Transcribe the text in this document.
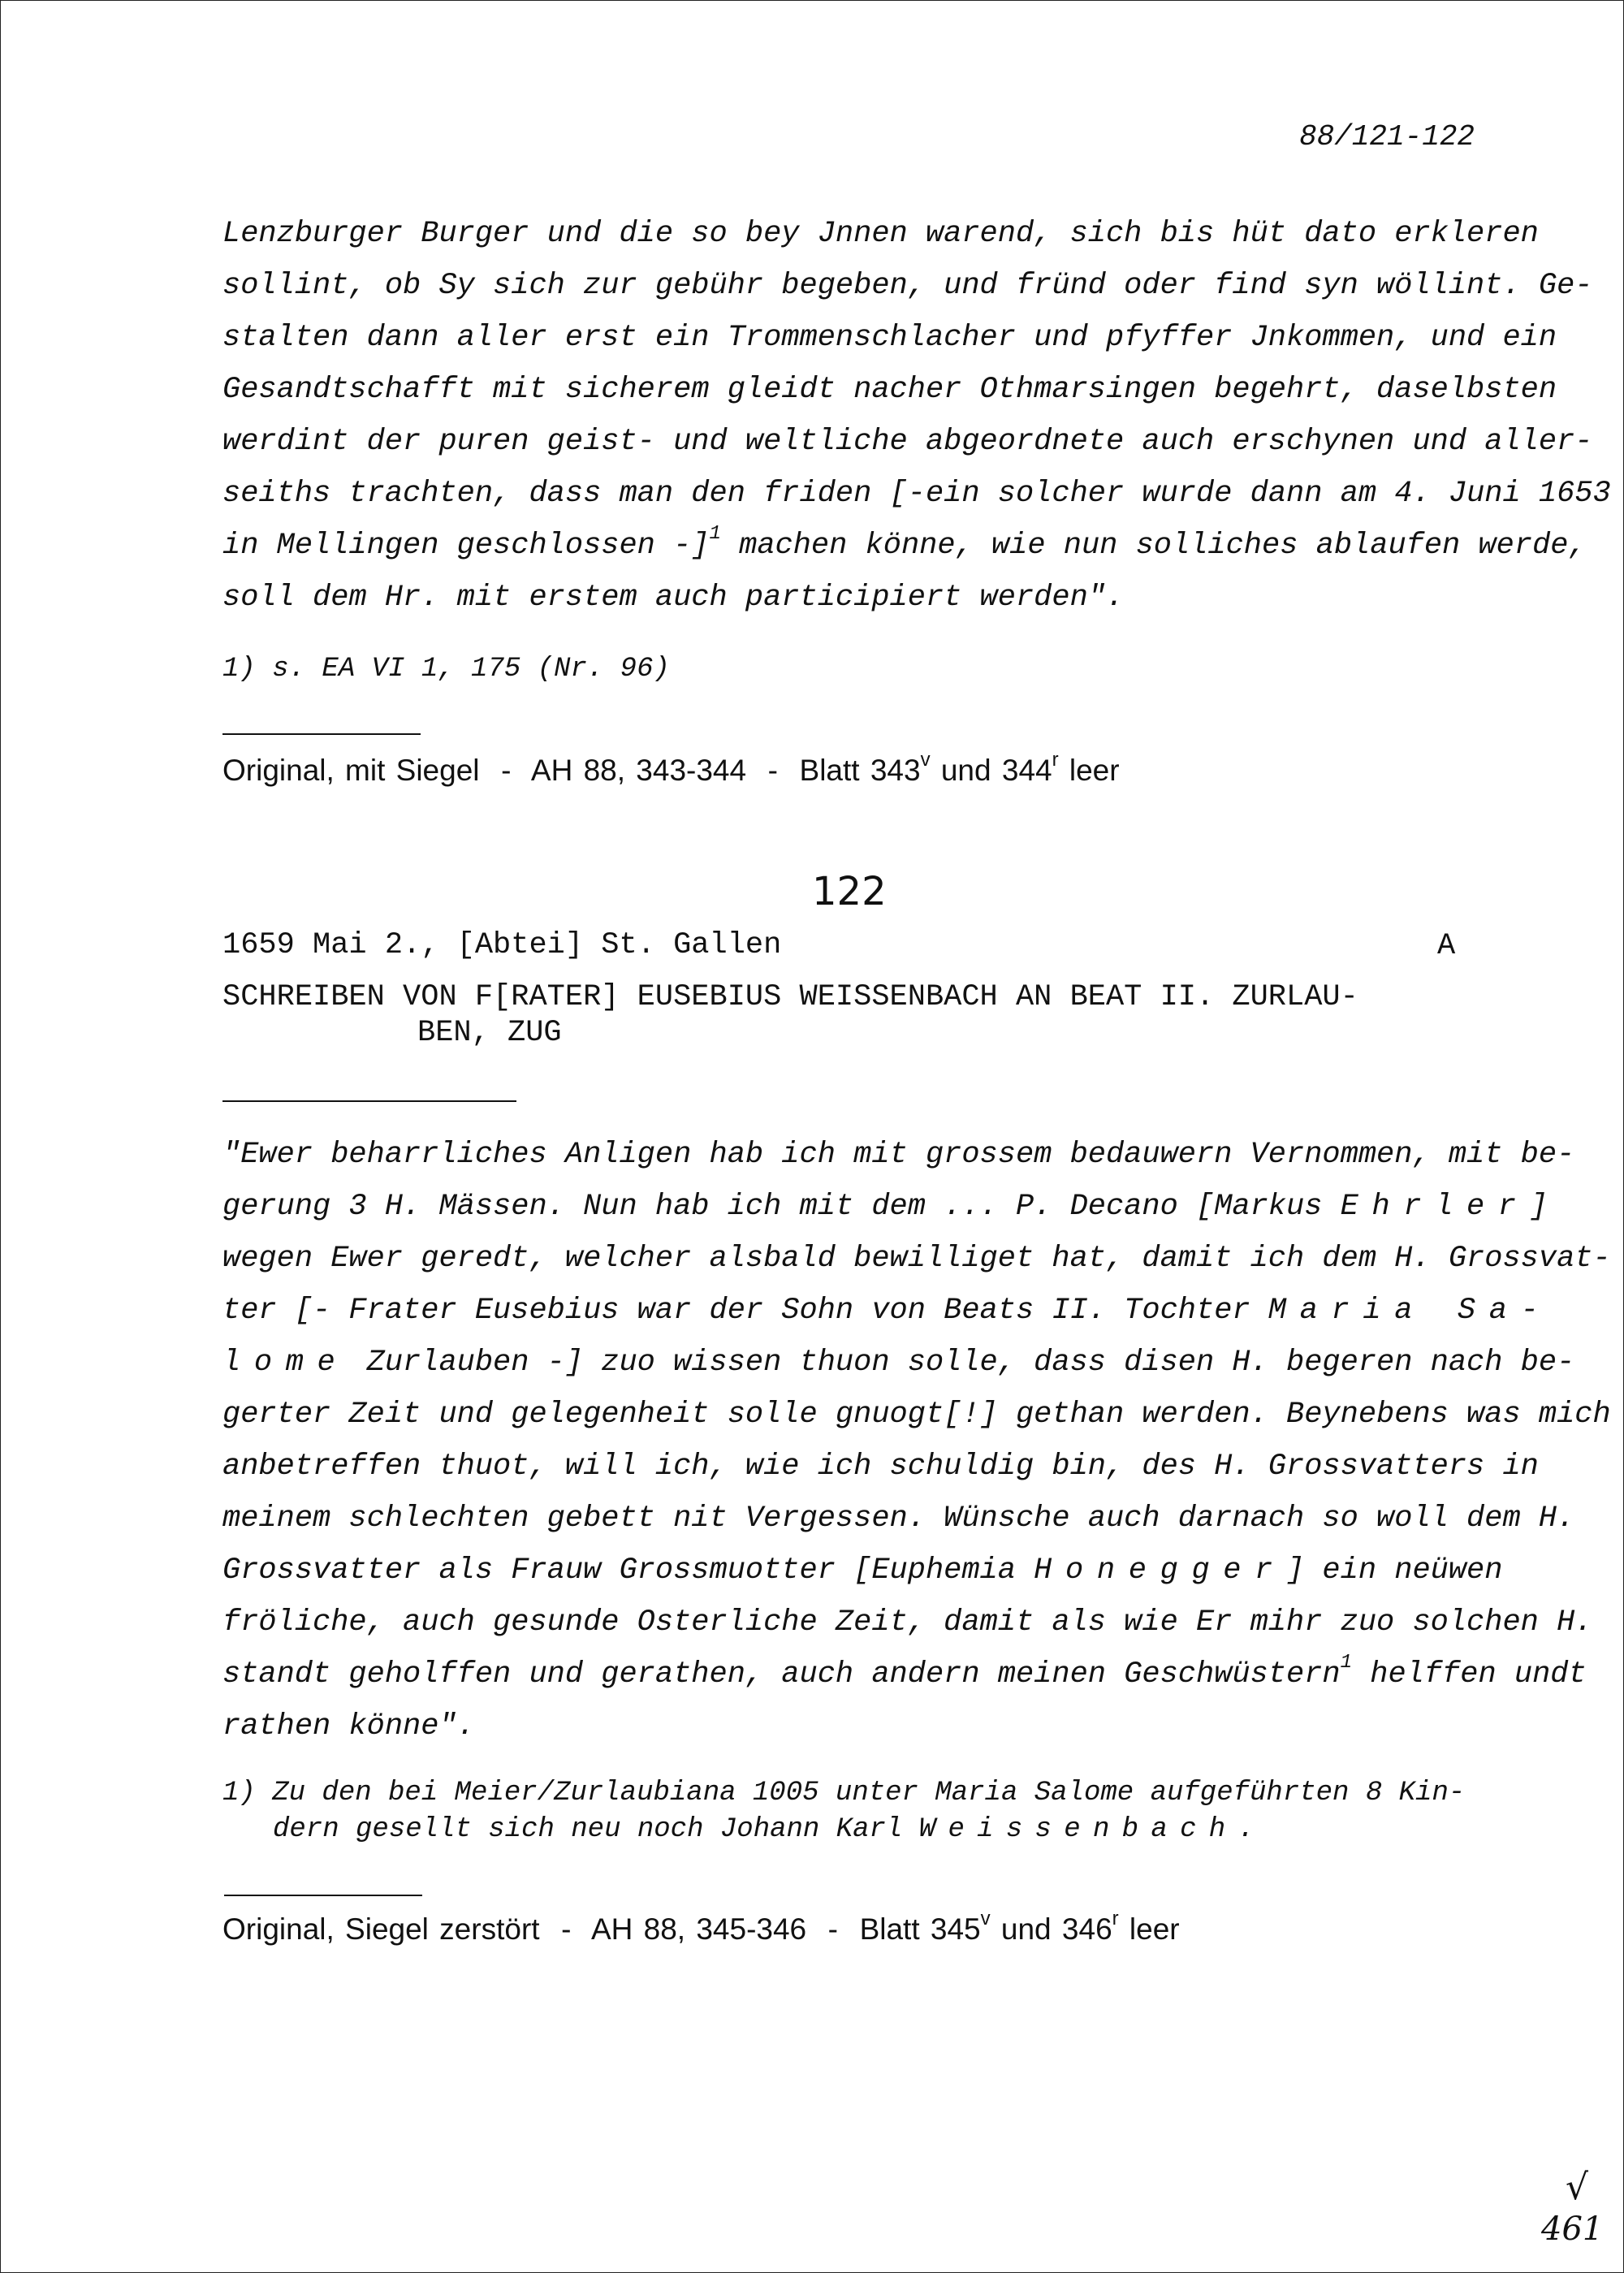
88/121-122
Lenzburger Burger und die so bey Jnnen warend, sich bis hüt dato erkleren
sollint, ob Sy sich zur gebühr begeben, und fründ oder find syn wöllint. Ge-
stalten dann aller erst ein Trommenschlacher und pfyffer Jnkommen, und ein
Gesandtschafft mit sicherem gleidt nacher Othmarsingen begehrt, daselbsten
werdint der puren geist- und weltliche abgeordnete auch erschynen und aller-
seiths trachten, dass man den friden [-ein solcher wurde dann am 4. Juni 1653
in Mellingen geschlossen -]$^1$ machen könne, wie nun solliches ablaufen werde,
soll dem Hr. mit erstem auch participiert werden".
1) s. EA VI 1, 175 (Nr. 96)
Original, mit Siegel  -  AH 88, 343-344  -  Blatt 343$^v$ und 344$^r$ leer
122
1659 Mai 2., [Abtei] St. Gallen	A
SCHREIBEN VON F[RATER] EUSEBIUS WEISSENBACH AN BEAT II. ZURLAU-
BEN, ZUG
"Ewer beharrliches Anligen hab ich mit grossem bedauwern Vernommen, mit be-
gerung 3 H. Mässen. Nun hab ich mit dem ... P. Decano [Markus Ehrler]
wegen Ewer geredt, welcher alsbald bewilliget hat, damit ich dem H. Grossvat-
ter [- Frater Eusebius war der Sohn von Beats II. Tochter Maria Sa-
lome Zurlauben -] zuo wissen thuon solle, dass disen H. begeren nach be-
gerter Zeit und gelegenheit solle gnuogt[!] gethan werden. Beynebens was mich
anbetreffen thuot, will ich, wie ich schuldig bin, des H. Grossvatters in
meinem schlechten gebett nit Vergessen. Wünsche auch darnach so woll dem H.
Grossvatter als Frauw Grossmuotter [Euphemia Honegger] ein neüwen
fröliche, auch gesunde Osterliche Zeit, damit als wie Er mihr zuo solchen H.
standt geholffen und gerathen, auch andern meinen Geschwüstern$^1$ helffen undt
rathen könne".
1) Zu den bei Meier/Zurlaubiana 1005 unter Maria Salome aufgeführten 8 Kin-
dern gesellt sich neu noch Johann Karl Weissenbach.
Original, Siegel zerstört  -  AH 88, 345-346  -  Blatt 345$^v$ und 346$^r$ leer
√
461
